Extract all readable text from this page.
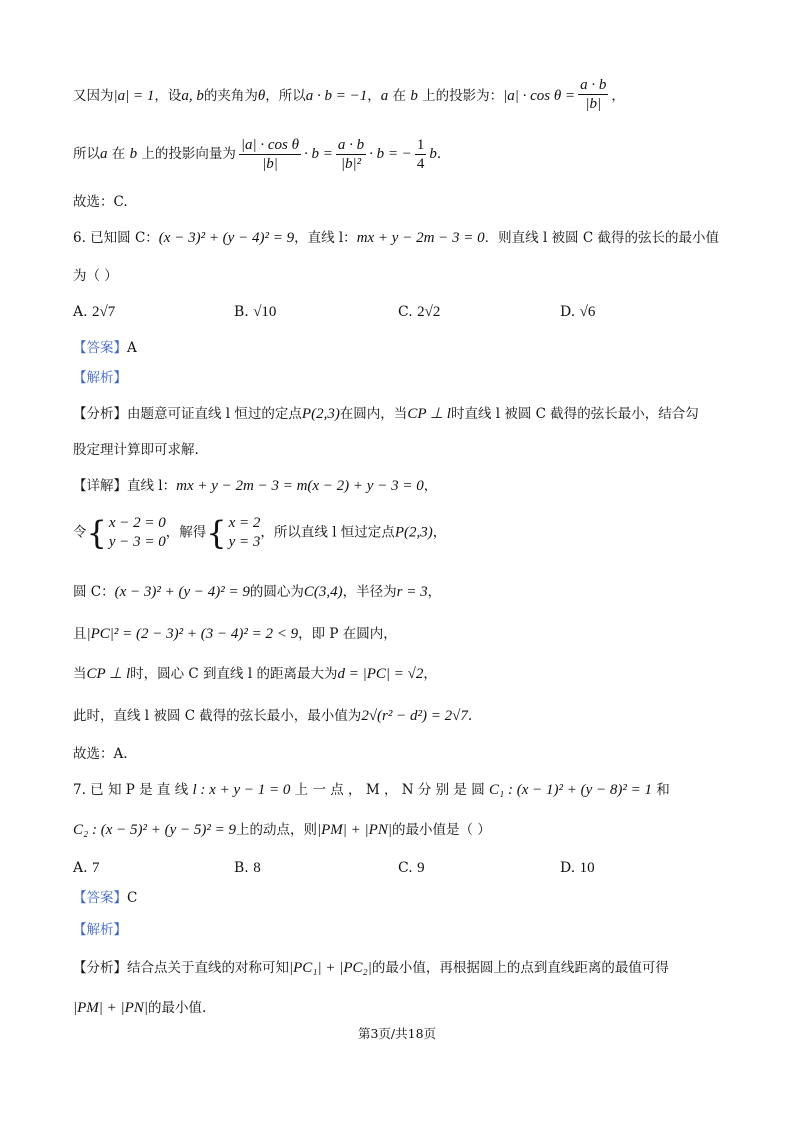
又因为|a| = 1，设a, b的夹角为θ，所以a · b = −1，a 在 b 上的投影为：$|a| \cdot \cos \theta = \frac{a \cdot b}{|b|}$ ，
所以a 在 b 上的投影向量为 $\frac{\text{|a| · cos θ}}{|b|} \cdot b = \frac{a \cdot b}{\text{|b|²}} \cdot b$ = − $\frac{1}{4} b$.
故选：C.
6. 已知圆 C：(x − 3)² + (y − 4)² = 9，直线 l：mx + y − 2m − 3 = 0．则直线 l 被圆 C 截得的弦长的最小值
为（ ）
A. 2√7	B. √10	C. 2√2	D. √6
【答案】A
【解析】
【分析】由题意可证直线 l 恒过的定点P(2,3)在圆内，当CP ⊥ l时直线 l 被圆 C 截得的弦长最小，结合勾
股定理计算即可求解.
【详解】直线 l：mx + y − 2m − 3 = m(x − 2) + y − 3 = 0，
令{ x − 2 = 0
y − 3 = 0
，解得{ x = 2
y = 3
，所以直线 l 恒过定点P(2,3)，
圆 C：(x − 3)² + (y − 4)² = 9的圆心为C(3,4)，半径为r = 3，
且|PC|² = (2 − 3)² + (3 − 4)² = 2 < 9，即 P 在圆内，
当CP ⊥ l时，圆心 C 到直线 l 的距离最大为d = |PC| = √2，
此时，直线 l 被圆 C 截得的弦长最小，最小值为2√(r² − d²) = 2√7.
故选：A.
7. 已 知 P 是 直 线 l : x + y − 1 = 0 上 一 点 ， M ， N 分 别 是 圆 C₁ : (x − 1)² + (y − 8)² = 1 和
C₂ : (x − 5)² + (y − 5)² = 9上的动点，则|PM| + |PN|的最小值是（ ）
A. 7	B. 8	C. 9	D. 10
【答案】C
【解析】
【分析】结合点关于直线的对称可知|PC₁| + |PC₂|的最小值，再根据圆上的点到直线距离的最值可得
|PM| + |PN|的最小值.
第3页/共18页
